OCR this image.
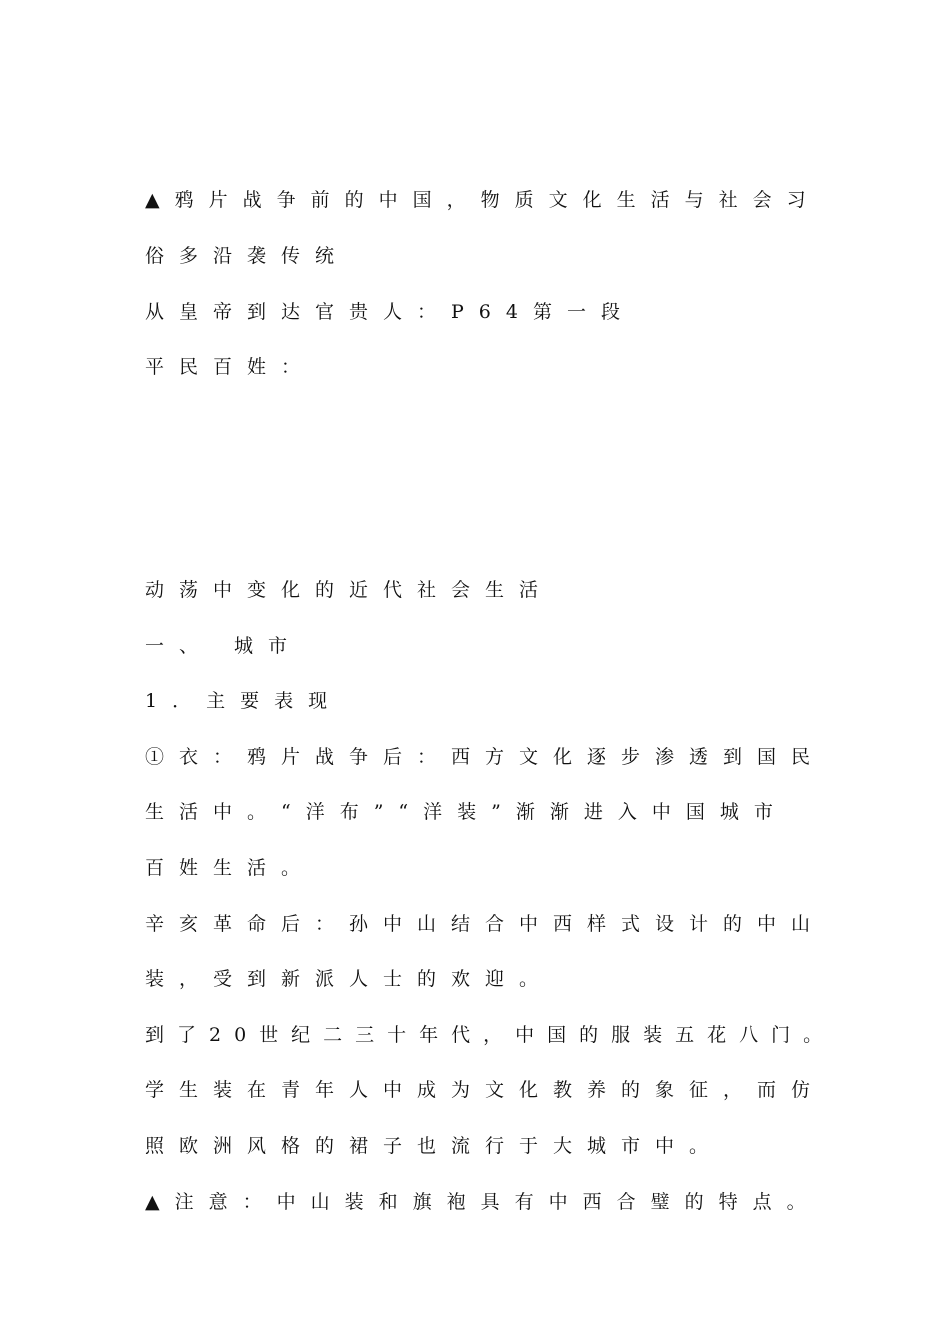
▲鸦片战争前的中国，物质文化生活与社会习
俗多沿袭传统
从皇帝到达官贵人：P64第一段
平民百姓：
动荡中变化的近代社会生活
一、 城市
1．主要表现
①衣：鸦片战争后：西方文化逐步渗透到国民
生活中。“洋布”“洋装”渐渐进入中国城市
百姓生活。
辛亥革命后：孙中山结合中西样式设计的中山
装，受到新派人士的欢迎。
到了20世纪二三十年代，中国的服装五花八门。
学生装在青年人中成为文化教养的象征，而仿
照欧洲风格的裙子也流行于大城市中。
▲注意：中山装和旗袍具有中西合璧的特点。
